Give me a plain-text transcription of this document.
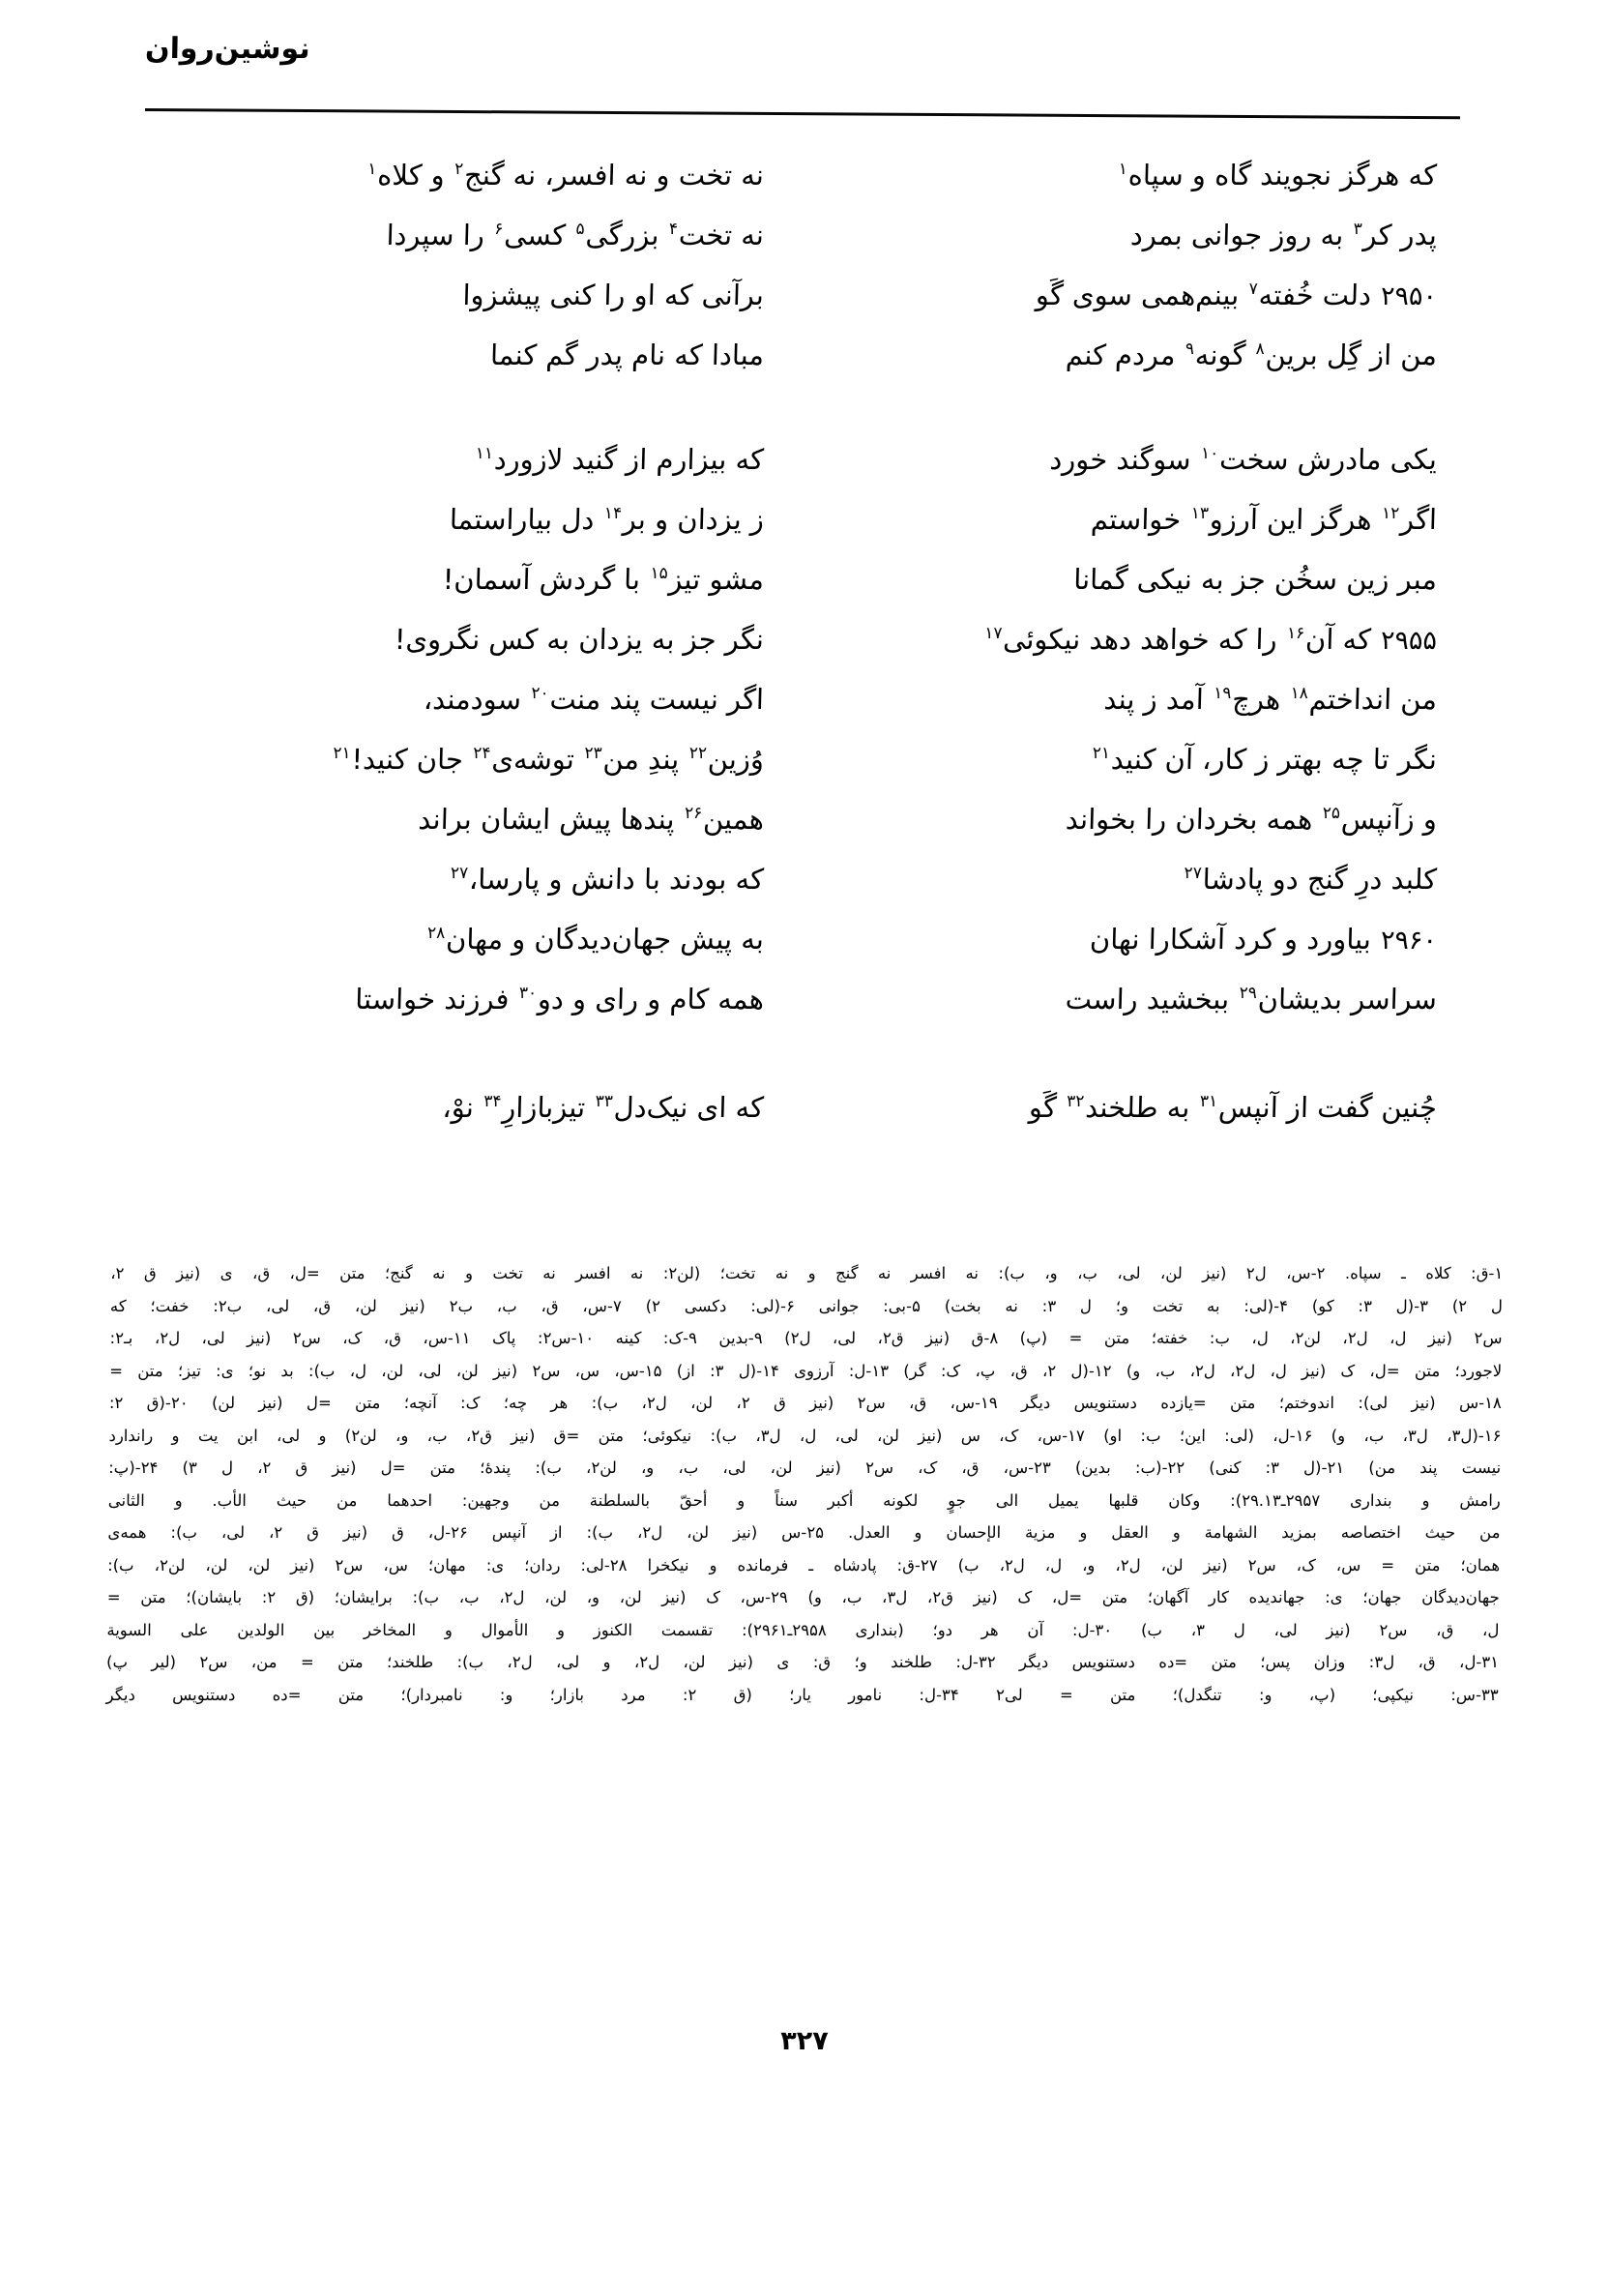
نوشین‌روان
که هرگز نجویند گاه و سپاه$^۱$
نه تخت و نه افسر، نه گنج$^۲$ و کلاه$^۱$
پدر کر$^۳$ به روز جوانی بمرد
نه تخت$^۴$ بزرگی$^۵$ کسی$^۶$ را سپردا
۲۹۵۰دلت خُفته$^۷$ بینم‌همی سوی گَو
برآنی که او را کنی پیشزوا
من از گِل برین$^۸$ گونه$^۹$ مردم کنم
مبادا که نام پدر گم کنما
یکی مادرش سخت$^{۱۰}$ سوگند خورد
که بیزارم از گنید لازورد$^{۱۱}$
اگر$^{۱۲}$ هرگز این آرزو$^{۱۳}$ خواستم
ز یزدان و بر$^{۱۴}$ دل بیاراستما
مبر زین سخُن جز به نیکی گمانا
مشو تیز$^{۱۵}$ با گردش آسمان!
۲۹۵۵که آن$^{۱۶}$ را که خواهد دهد نیکوئی$^{۱۷}$
نگر جز به یزدان به کس نگروی!
من انداختم$^{۱۸}$ هرچ$^{۱۹}$ آمد ز پند
اگر نیست پند منت$^{۲۰}$ سودمند،
نگر تا چه بهتر ز کار، آن کنید$^{۲۱}$
وُزین$^{۲۲}$ پندِ من$^{۲۳}$ توشه‌ی$^{۲۴}$ جان کنید!$^{۲۱}$
و زآنپس$^{۲۵}$ همه بخردان را بخواند
همین$^{۲۶}$ پندها پیش ایشان براند
کلبد درِ گنج دو پادشا$^{۲۷}$
که بودند با دانش و پارسا،$^{۲۷}$
۲۹۶۰بیاورد و کرد آشکارا نهان
به پیش جهان‌دیدگان و مهان$^{۲۸}$
سراسر بدیشان$^{۲۹}$ ببخشید راست
همه کام و رای و دو$^{۳۰}$ فرزند خواستا
چُنین گفت از آنپس$^{۳۱}$ به طلخند$^{۳۲}$ گَو
که ای نیک‌دل$^{۳۳}$ تیزبازارِ$^{۳۴}$ نوْ،
۱-ق: کلاه ـ سپاه. ۲-س، ل۲ (نیز لن، لی، ب، و، ب): نه افسر نه گنج و نه تخت؛ (لن۲: نه افسر نه تخت و نه گنج؛ متن =ل، ق، ی (نیز ق ۲،
ل ۲) ۳-(ل ۳: کو) ۴-(لی: به تخت و؛ ل ۳: نه بخت) ۵-بی: جوانی ۶-(لی: دکسی ۲) ۷-س، ق، ب، ب۲ (نیز لن، ق، لی، ب۲: خفت؛ که
س۲ (نیز ل، ل۲، لن۲، ل، ب: خفته؛ متن = (پ) ۸-ق (نیز ق۲، لی، ل۲) ۹-بدین ۹-ک: کینه ۱۰-س۲: پاک ۱۱-س، ق، ک، س۲ (نیز لی، ل۲، بـ۲:
لاجورد؛ متن =ل، ک (نیز ل، ل۲، ل۲، ب، و) ۱۲-(ل ۲، ق، پ، ک: گر) ۱۳-ل: آرزوی ۱۴-(ل ۳: از) ۱۵-س، س، س۲ (نیز لن، لی، لن، ل، ب): بد نو؛ ی: تیز؛ متن =
۱۸-س (نیز لی): اندوختم؛ متن =یازده دستنویس دیگر ۱۹-س، ق، س۲ (نیز ق ۲، لن، ل۲، ب): هر چه؛ ک: آنچه؛ متن =ل (نیز لن) ۲۰-(ق ۲:
۱۶-(ل۳، ل۳، ب، و) ۱۶-ل، (لی: این؛ ب: او) ۱۷-س، ک، س (نیز لن، لی، ل، ل۳، ب): نیکوئی؛ متن =ق (نیز ق۲، ب، و، لن۲) و لی، ابن یت و راندارد
نیست پند من) ۲۱-(ل ۳: کنی) ۲۲-(ب: بدین) ۲۳-س، ق، ک، س۲ (نیز لن، لی، ب، و، لن۲، ب): پندهٔ؛ متن =ل (نیز ق ۲، ل ۳) ۲۴-(پ:
رامش و بنداری ۲۹۵۷ـ۲۹.۱۳): وکان قلبها یمیل الی جوٍ لکونه أکبر سناً و أحقّ بالسلطنة من وجهین: احدهما من حیث الأب. و الثانی
من حیث اختصاصه بمزید الشهامة و العقل و مزیة الإحسان و العدل. ۲۵-س (نیز لن، ل۲، ب): از آنپس ۲۶-ل، ق (نیز ق ۲، لی، ب): همه‌ی
همان؛ متن = س، ک، س۲ (نیز لن، ل۲، و، ل، ل۲، ب) ۲۷-ق: پادشاه ـ فرمانده و نیکخرا ۲۸-لی: ردان؛ ی: مهان؛ س، س۲ (نیز لن، لن، لن۲، ب):
جهان‌دیدگان جهان؛ ی: جهاندیده کار آگهان؛ متن =ل، ک (نیز ق۲، ل۳، ب، و) ۲۹-س، ک (نیز لن، و، لن، ل۲، ب، ب): برایشان؛ (ق ۲: بایشان)؛ متن =
ل، ق، س۲ (نیز لی، ل ۳، ب) ۳۰-ل: آن هر دو؛ (بنداری ۲۹۵۸ـ۲۹۶۱): تقسمت الکنوز و الأموال و المخاخر بین الولدین علی السویة
۳۱-ل، ق، ل۳: وزان پس؛ متن =ده دستنویس دیگر ۳۲-ل: طلخند و؛ ق: ی (نیز لن، ل۲، و لی، ل۲، ب): طلخند؛ متن = من، س۲ (لیر پ)
۳۳-س: نیکپی؛ (پ، و: تنگدل)؛ متن = لی۲ ۳۴-ل: نامور یار؛ (ق ۲: مرد بازار؛ و: نامبردار)؛ متن =ده دستنویس دیگر
۳۲۷
